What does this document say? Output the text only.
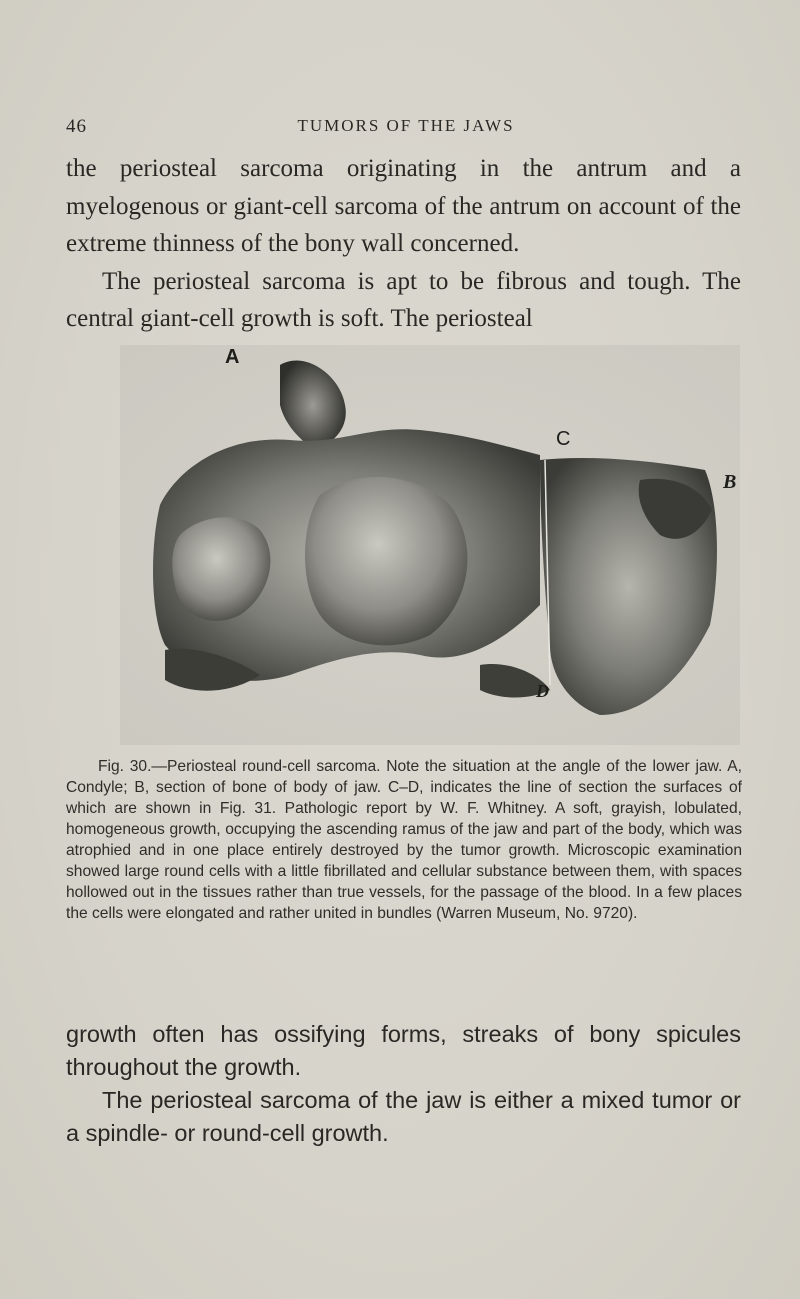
46	TUMORS OF THE JAWS

the periosteal sarcoma originating in the antrum and a myelogenous or giant-cell sarcoma of the antrum on account of the extreme thinness of the bony wall concerned.

The periosteal sarcoma is apt to be fibrous and tough. The central giant-cell growth is soft. The periosteal

A
B
C
D

Fig. 30.—Periosteal round-cell sarcoma. Note the situation at the angle of the lower jaw. A, Condyle; B, section of bone of body of jaw. C–D, indicates the line of section the surfaces of which are shown in Fig. 31. Pathologic report by W. F. Whitney. A soft, grayish, lobulated, homogeneous growth, occupying the ascending ramus of the jaw and part of the body, which was atrophied and in one place entirely destroyed by the tumor growth. Microscopic examination showed large round cells with a little fibrillated and cellular substance between them, with spaces hollowed out in the tissues rather than true vessels, for the passage of the blood. In a few places the cells were elongated and rather united in bundles (Warren Museum, No. 9720).

growth often has ossifying forms, streaks of bony spicules throughout the growth.

The periosteal sarcoma of the jaw is either a mixed tumor or a spindle- or round-cell growth.
